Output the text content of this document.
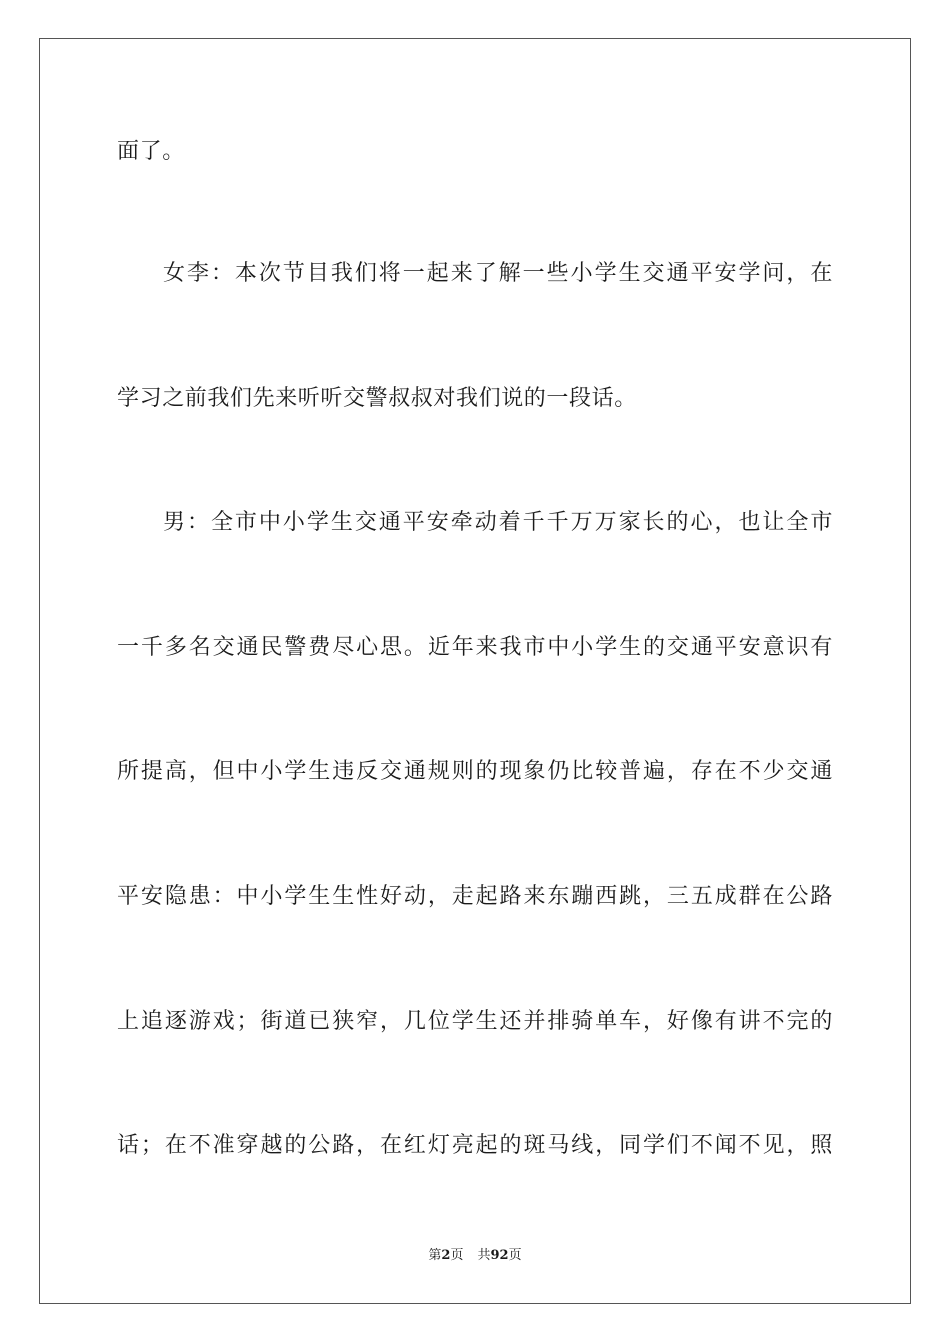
面了。
女李：本次节目我们将一起来了解一些小学生交通平安学问，在
学习之前我们先来听听交警叔叔对我们说的一段话。
男：全市中小学生交通平安牵动着千千万万家长的心，也让全市
一千多名交通民警费尽心思。近年来我市中小学生的交通平安意识有
所提高，但中小学生违反交通规则的现象仍比较普遍，存在不少交通
平安隐患：中小学生生性好动，走起路来东蹦西跳，三五成群在公路
上追逐游戏；街道已狭窄，几位学生还并排骑单车，好像有讲不完的
话；在不准穿越的公路，在红灯亮起的斑马线，同学们不闻不见，照
第2页 共92页
